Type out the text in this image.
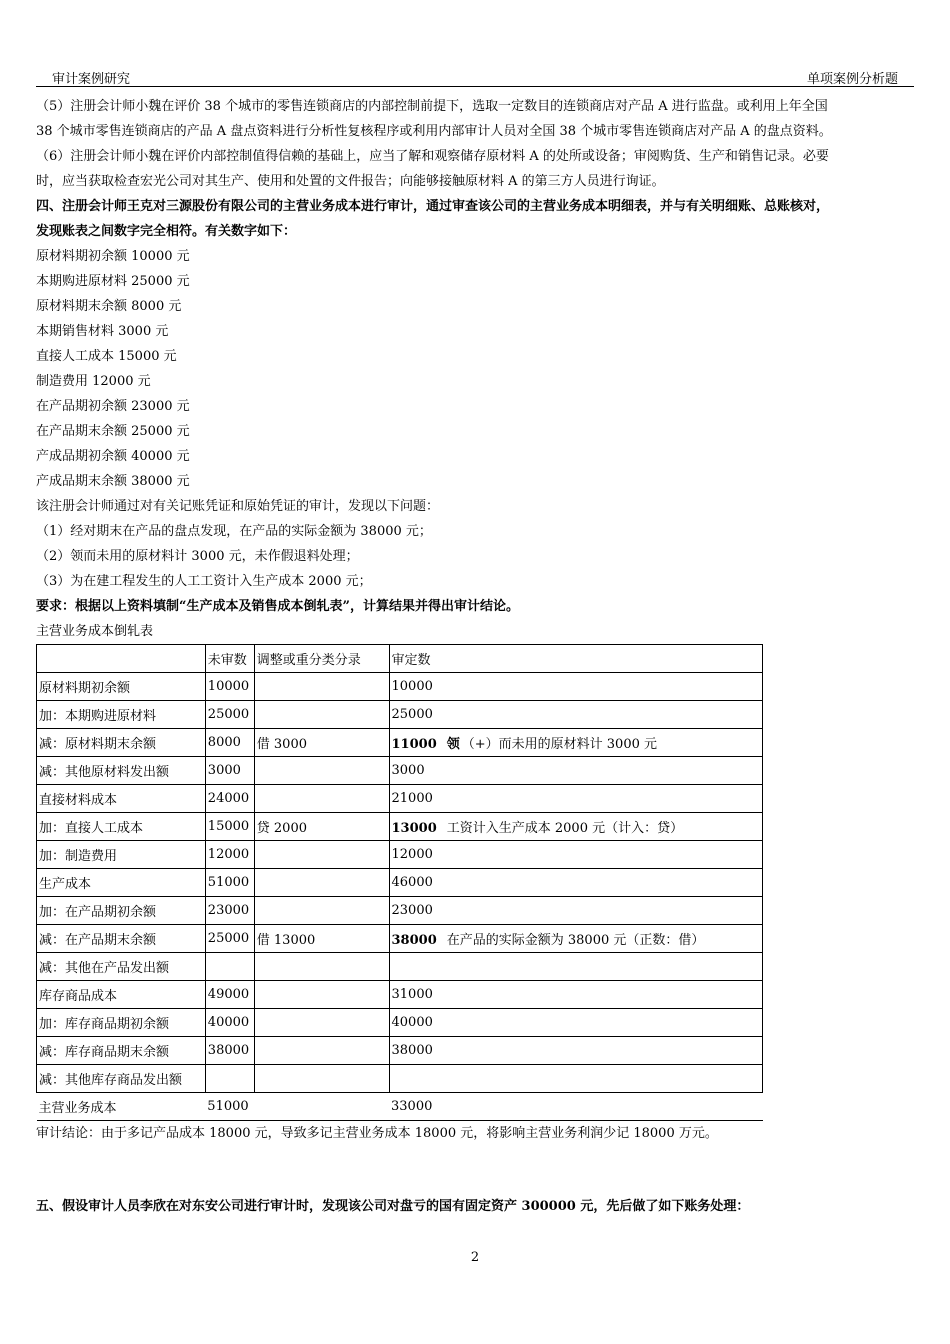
审计案例研究	单项案例分析题

（5）注册会计师小魏在评价 38 个城市的零售连锁商店的内部控制前提下，选取一定数目的连锁商店对产品 A 进行监盘。或利用上年全国

38 个城市零售连锁商店的产品 A 盘点资料进行分析性复核程序或利用内部审计人员对全国 38 个城市零售连锁商店对产品 A 的盘点资料。

（6）注册会计师小魏在评价内部控制值得信赖的基础上，应当了解和观察储存原材料 A 的处所或设备；审阅购货、生产和销售记录。必要

时，应当获取检查宏光公司对其生产、使用和处置的文件报告；向能够接触原材料 A 的第三方人员进行询证。

四、注册会计师王克对三源股份有限公司的主营业务成本进行审计，通过审查该公司的主营业务成本明细表，并与有关明细账、总账核对，

发现账表之间数字完全相符。有关数字如下：

原材料期初余额 10000 元

本期购进原材料 25000 元

原材料期末余额 8000 元

本期销售材料 3000 元

直接人工成本 15000 元

制造费用 12000 元

在产品期初余额 23000 元

在产品期末余额 25000 元

产成品期初余额 40000 元

产成品期末余额 38000 元

该注册会计师通过对有关记账凭证和原始凭证的审计，发现以下问题：

（1）经对期末在产品的盘点发现，在产品的实际金额为 38000 元；

（2）领而未用的原材料计 3000 元，未作假退料处理；

（3）为在建工程发生的人工工资计入生产成本 2000 元；

要求：根据以上资料填制“生产成本及销售成本倒轧表”，计算结果并得出审计结论。

主营业务成本倒轧表

	未审数	调整或重分类分录	审定数
原材料期初余额	10000		10000
加：本期购进原材料	25000		25000
减：原材料期末余额	8000	借 3000	11000 领 （+）而未用的原材料计 3000 元
减：其他原材料发出额	3000		3000
直接材料成本	24000		21000
加：直接人工成本	15000	贷 2000	13000 工资计入生产成本 2000 元（计入：贷）
加：制造费用	12000		12000
生产成本	51000		46000
加：在产品期初余额	23000		23000
减：在产品期末余额	25000	借 13000	38000 在产品的实际金额为 38000 元（正数：借）
减：其他在产品发出额			
库存商品成本	49000		31000
加：库存商品期初余额	40000		40000
减：库存商品期末余额	38000		38000
减：其他库存商品发出额			
主营业务成本	51000		33000

审计结论：由于多记产品成本 18000 元，导致多记主营业务成本 18000 元，将影响主营业务利润少记 18000 万元。

五、假设审计人员李欣在对东安公司进行审计时，发现该公司对盘亏的国有固定资产 300000 元，先后做了如下账务处理：

2
